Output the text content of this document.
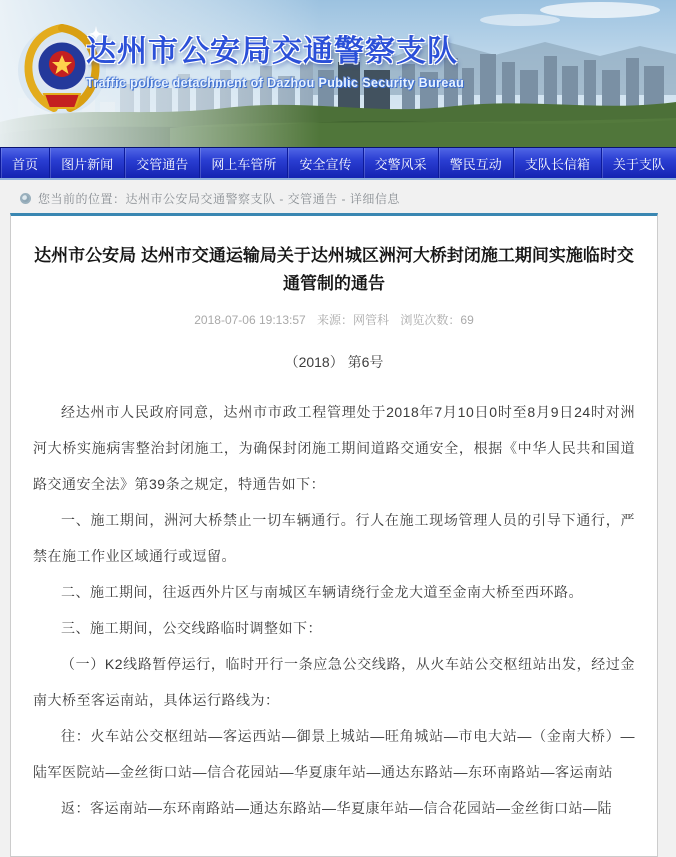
达州市公安局交通警察支队
Traffic police detachment of Dazhou Public Security Bureau
首页 图片新闻 交管通告 网上车管所 安全宣传 交警风采 警民互动 支队长信箱 关于支队
您当前的位置：达州市公安局交通警察支队 - 交管通告 - 详细信息
达州市公安局 达州市交通运输局关于达州城区洲河大桥封闭施工期间实施临时交通管制的通告
2018-07-06 19:13:57 来源：网管科 浏览次数：69
（2018） 第6号

经达州市人民政府同意，达州市市政工程管理处于2018年7月10日0时至8月9日24时对洲河大桥实施病害整治封闭施工，为确保封闭施工期间道路交通安全，根据《中华人民共和国道路交通安全法》第39条之规定，特通告如下：

一、施工期间，洲河大桥禁止一切车辆通行。行人在施工现场管理人员的引导下通行，严禁在施工作业区域通行或逗留。

二、施工期间，往返西外片区与南城区车辆请绕行金龙大道至金南大桥至西环路。

三、施工期间，公交线路临时调整如下：

（一）K2线路暂停运行，临时开行一条应急公交线路，从火车站公交枢纽站出发，经过金南大桥至客运南站，具体运行路线为：

往：火车站公交枢纽站—客运西站—御景上城站—旺角城站—市电大站—（金南大桥）—陆军医院站—金丝街口站—信合花园站—华夏康年站—通达东路站—东环南路站—客运南站

返：客运南站—东环南路站—通达东路站—华夏康年站—信合花园站—金丝街口站—陆
